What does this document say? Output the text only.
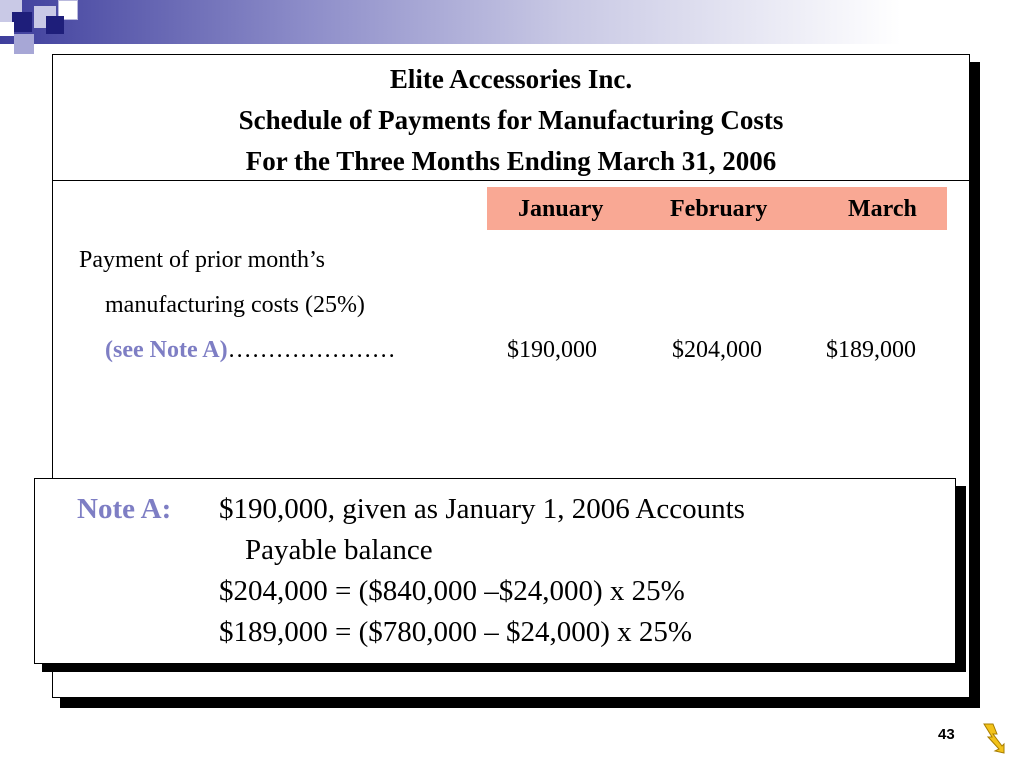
Elite Accessories Inc.
Schedule of Payments for Manufacturing Costs
For the Three Months Ending March 31, 2006
January	February	March
Payment of prior month’s
manufacturing costs (25%)
(see Note A)…………………	$190,000	$204,000	$189,000
Note A: $190,000, given as January 1, 2006 Accounts
Payable balance
$204,000 = ($840,000 –$24,000) x 25%
$189,000 = ($780,000 – $24,000) x 25%
43
